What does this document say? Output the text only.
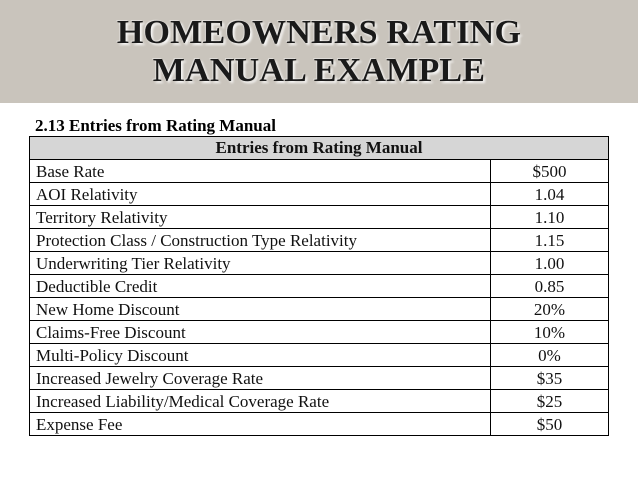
HOMEOWNERS RATING
MANUAL EXAMPLE
2.13 Entries from Rating Manual
Entries from Rating Manual	
Base Rate	$500
AOI Relativity	1.04
Territory Relativity	1.10
Protection Class / Construction Type Relativity	1.15
Underwriting Tier Relativity	1.00
Deductible Credit	0.85
New Home Discount	20%
Claims-Free Discount	10%
Multi-Policy Discount	0%
Increased Jewelry Coverage Rate	$35
Increased Liability/Medical Coverage Rate	$25
Expense Fee	$50
